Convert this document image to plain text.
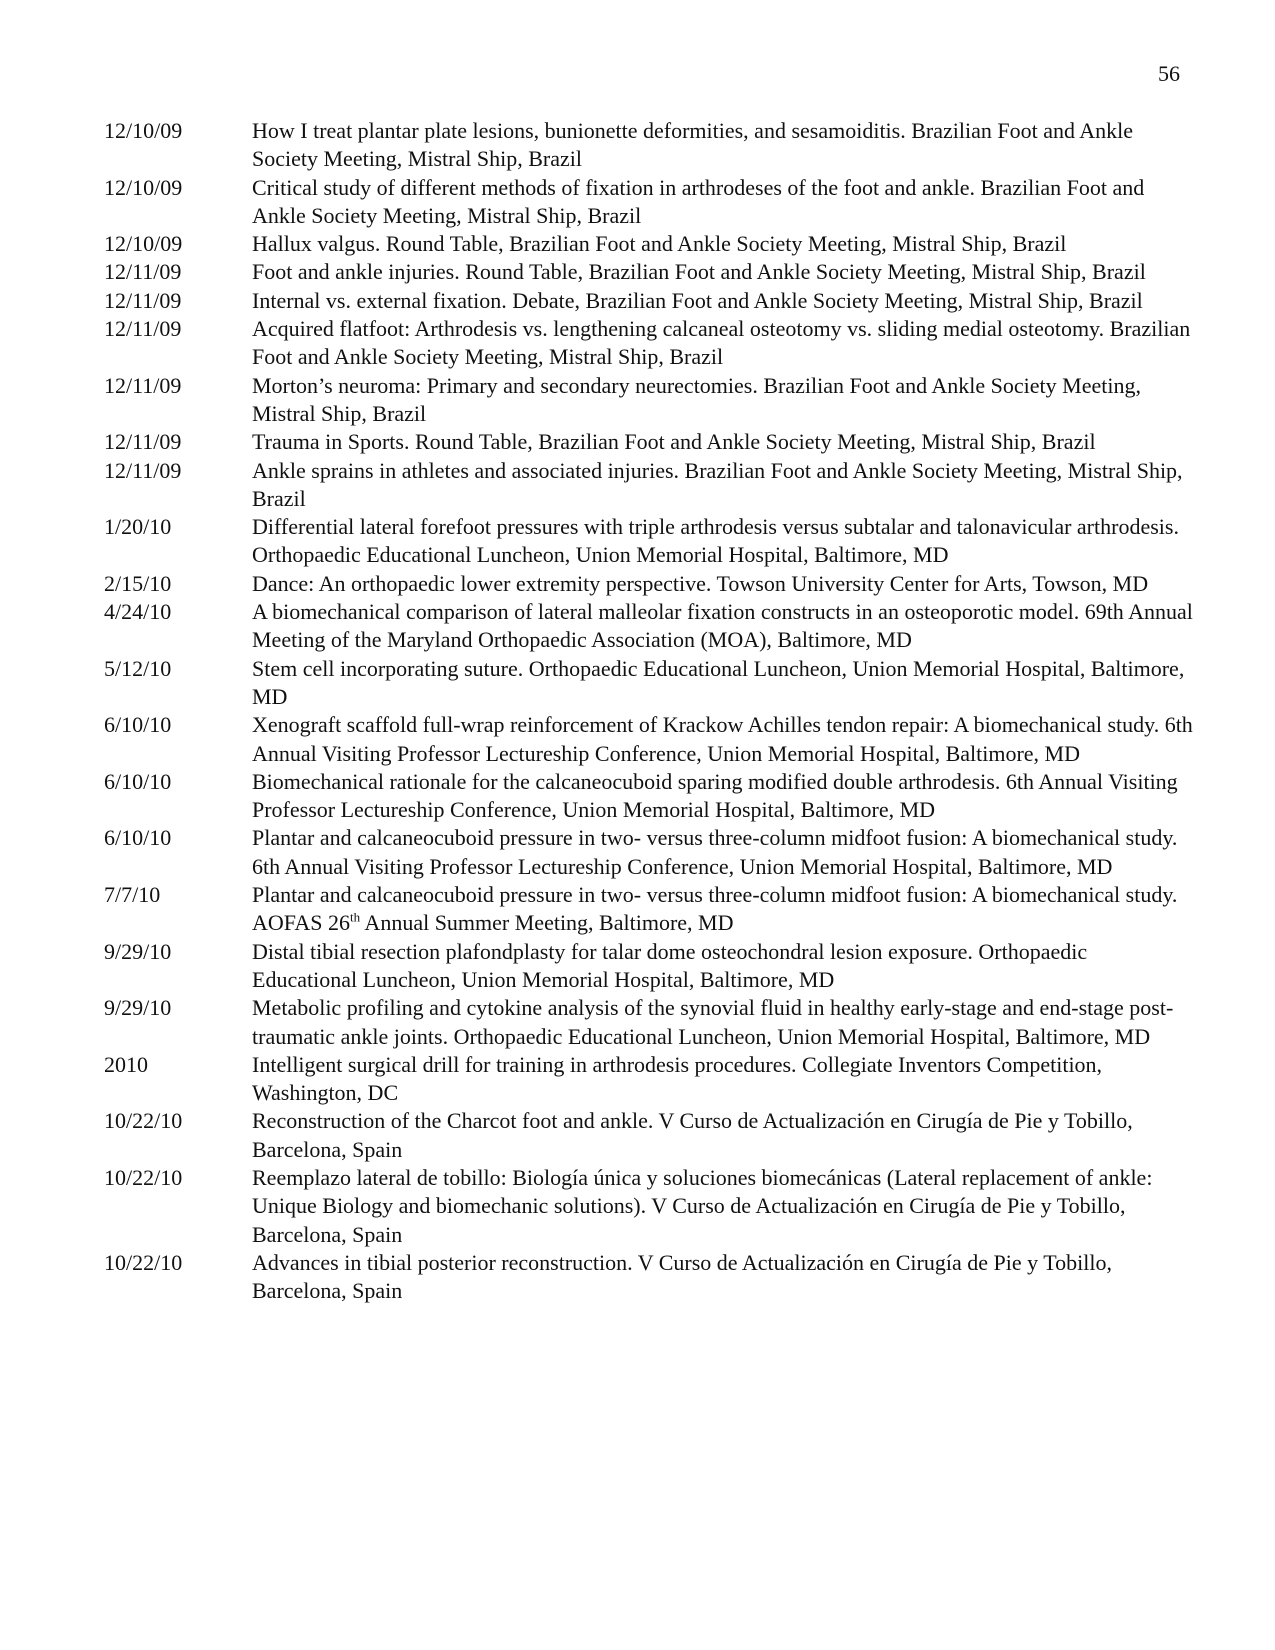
56
12/10/09	How I treat plantar plate lesions, bunionette deformities, and sesamoiditis. Brazilian Foot and Ankle Society Meeting, Mistral Ship, Brazil
12/10/09	Critical study of different methods of fixation in arthrodeses of the foot and ankle. Brazilian Foot and Ankle Society Meeting, Mistral Ship, Brazil
12/10/09	Hallux valgus. Round Table, Brazilian Foot and Ankle Society Meeting, Mistral Ship, Brazil
12/11/09	Foot and ankle injuries. Round Table, Brazilian Foot and Ankle Society Meeting, Mistral Ship, Brazil
12/11/09	Internal vs. external fixation. Debate, Brazilian Foot and Ankle Society Meeting, Mistral Ship, Brazil
12/11/09	Acquired flatfoot: Arthrodesis vs. lengthening calcaneal osteotomy vs. sliding medial osteotomy. Brazilian Foot and Ankle Society Meeting, Mistral Ship, Brazil
12/11/09	Morton’s neuroma: Primary and secondary neurectomies. Brazilian Foot and Ankle Society Meeting, Mistral Ship, Brazil
12/11/09	Trauma in Sports. Round Table, Brazilian Foot and Ankle Society Meeting, Mistral Ship, Brazil
12/11/09	Ankle sprains in athletes and associated injuries. Brazilian Foot and Ankle Society Meeting, Mistral Ship, Brazil
1/20/10	Differential lateral forefoot pressures with triple arthrodesis versus subtalar and talonavicular arthrodesis. Orthopaedic Educational Luncheon, Union Memorial Hospital, Baltimore, MD
2/15/10	Dance: An orthopaedic lower extremity perspective. Towson University Center for Arts, Towson, MD
4/24/10	A biomechanical comparison of lateral malleolar fixation constructs in an osteoporotic model. 69th Annual Meeting of the Maryland Orthopaedic Association (MOA), Baltimore, MD
5/12/10	Stem cell incorporating suture. Orthopaedic Educational Luncheon, Union Memorial Hospital, Baltimore, MD
6/10/10	Xenograft scaffold full-wrap reinforcement of Krackow Achilles tendon repair: A biomechanical study. 6th Annual Visiting Professor Lectureship Conference, Union Memorial Hospital, Baltimore, MD
6/10/10	Biomechanical rationale for the calcaneocuboid sparing modified double arthrodesis. 6th Annual Visiting Professor Lectureship Conference, Union Memorial Hospital, Baltimore, MD
6/10/10	Plantar and calcaneocuboid pressure in two- versus three-column midfoot fusion: A biomechanical study. 6th Annual Visiting Professor Lectureship Conference, Union Memorial Hospital, Baltimore, MD
7/7/10	Plantar and calcaneocuboid pressure in two- versus three-column midfoot fusion: A biomechanical study. AOFAS 26th Annual Summer Meeting, Baltimore, MD
9/29/10	Distal tibial resection plafondplasty for talar dome osteochondral lesion exposure. Orthopaedic Educational Luncheon, Union Memorial Hospital, Baltimore, MD
9/29/10	Metabolic profiling and cytokine analysis of the synovial fluid in healthy early-stage and end-stage post-traumatic ankle joints. Orthopaedic Educational Luncheon, Union Memorial Hospital, Baltimore, MD
2010	Intelligent surgical drill for training in arthrodesis procedures. Collegiate Inventors Competition, Washington, DC
10/22/10	Reconstruction of the Charcot foot and ankle. V Curso de Actualización en Cirugía de Pie y Tobillo, Barcelona, Spain
10/22/10	Reemplazo lateral de tobillo: Biología única y soluciones biomecánicas (Lateral replacement of ankle: Unique Biology and biomechanic solutions). V Curso de Actualización en Cirugía de Pie y Tobillo, Barcelona, Spain
10/22/10	Advances in tibial posterior reconstruction. V Curso de Actualización en Cirugía de Pie y Tobillo, Barcelona, Spain
